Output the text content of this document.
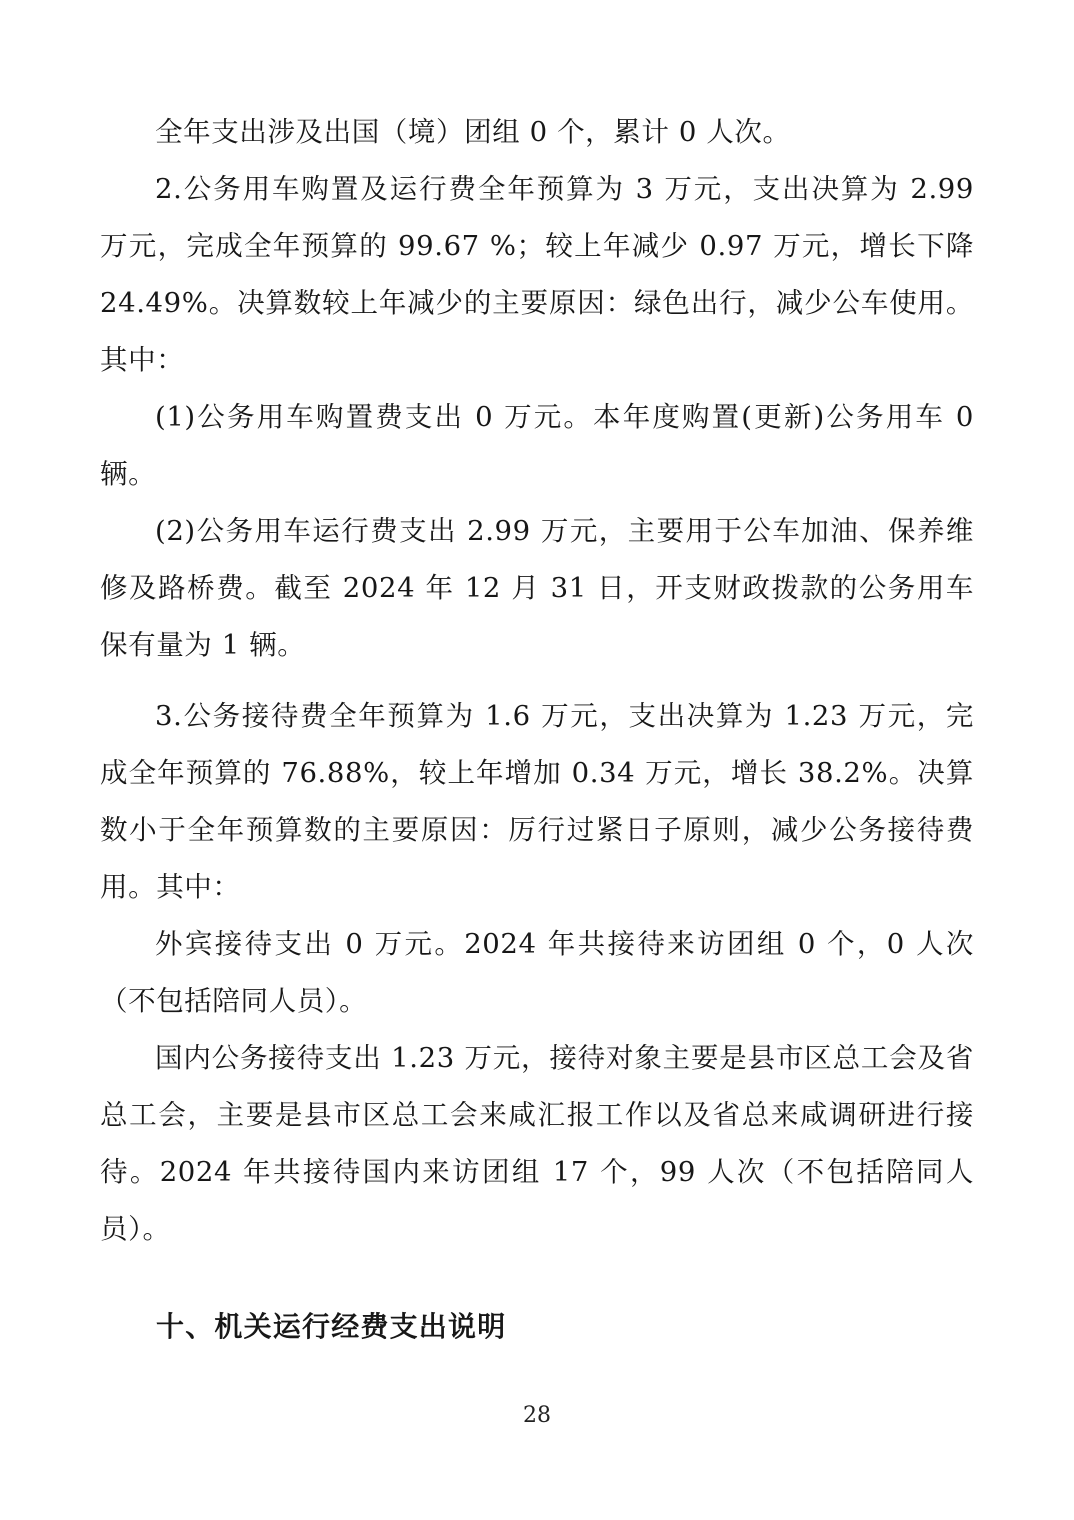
全年支出涉及出国（境）团组 0 个，累计 0 人次。

2.公务用车购置及运行费全年预算为 3 万元，支出决算为 2.99 万元，完成全年预算的 99.67 %；较上年减少 0.97 万元，增长下降 24.49%。决算数较上年减少的主要原因：绿色出行，减少公车使用。其中：

(1)公务用车购置费支出 0 万元。本年度购置(更新)公务用车 0 辆。

(2)公务用车运行费支出 2.99 万元，主要用于公车加油、保养维修及路桥费。截至 2024 年 12 月 31 日，开支财政拨款的公务用车保有量为 1 辆。

3.公务接待费全年预算为 1.6 万元，支出决算为 1.23 万元，完成全年预算的 76.88%，较上年增加 0.34 万元，增长 38.2%。决算数小于全年预算数的主要原因：厉行过紧日子原则，减少公务接待费用。其中：

外宾接待支出 0 万元。2024 年共接待来访团组 0 个，0 人次（不包括陪同人员）。

国内公务接待支出 1.23 万元，接待对象主要是县市区总工会及省总工会，主要是县市区总工会来咸汇报工作以及省总来咸调研进行接待。2024 年共接待国内来访团组 17 个，99 人次（不包括陪同人员）。

十、机关运行经费支出说明

28
